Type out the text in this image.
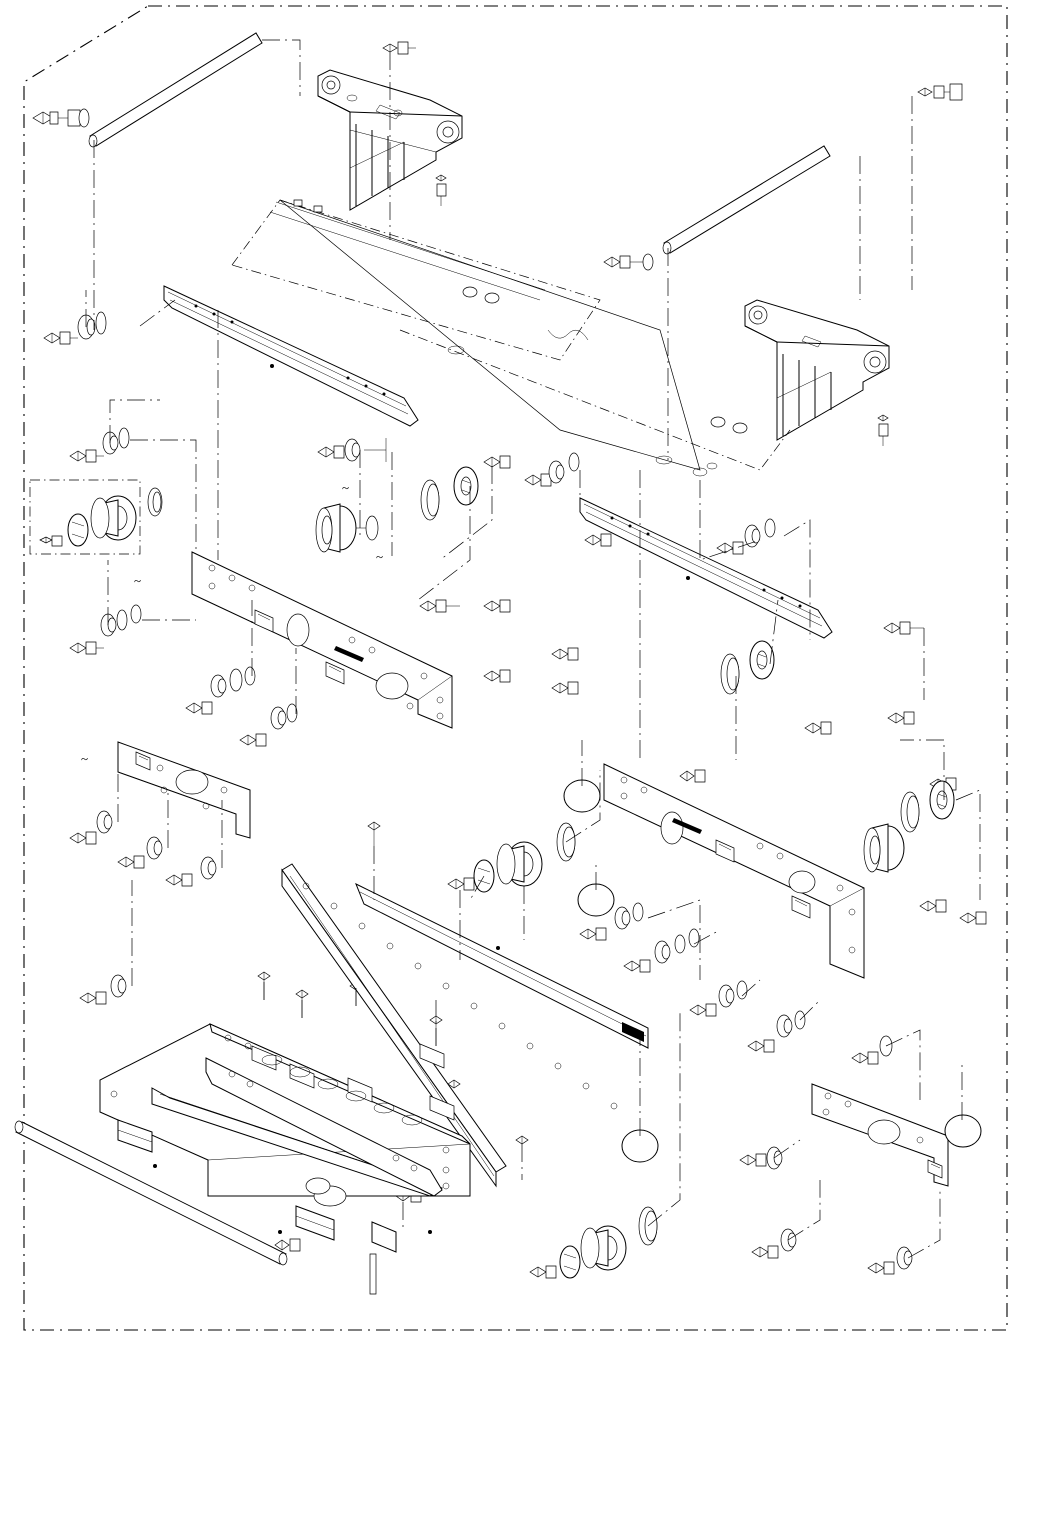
~
~
~
~
